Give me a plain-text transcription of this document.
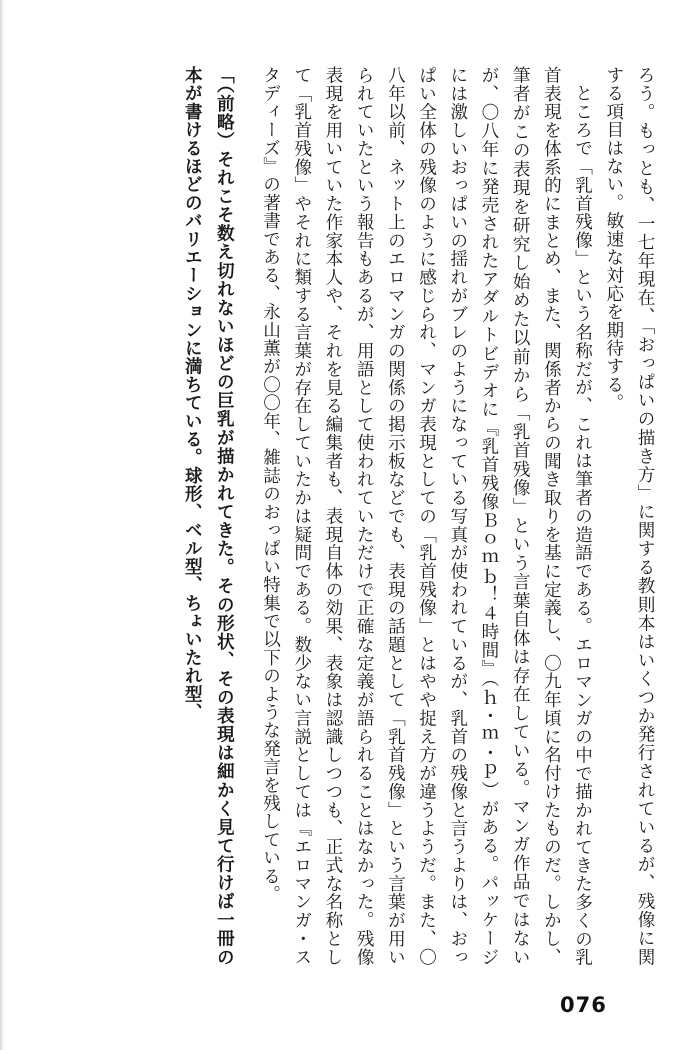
ろう。もっとも、一七年現在、「おっぱいの描き方」に関する教則本はいくつか発行されているが、残像に関する項目はない。敏速な対応を期待する。

ところで「乳首残像」という名称だが、これは筆者の造語である。エロマンガの中で描かれてきた多くの乳首表現を体系的にまとめ、また、関係者からの聞き取りを基に定義し、〇九年頃に名付けたものだ。しかし、筆者がこの表現を研究し始めた以前から「乳首残像」という言葉自体は存在している。マンガ作品ではないが、〇八年に発売されたアダルトビデオに『乳首残像Ｂｏｍｂ！４時間』（ｈ・ｍ・ｐ）がある。パッケージには激しいおっぱいの揺れがブレのようになっている写真が使われているが、乳首の残像と言うよりは、おっぱい全体の残像のように感じられ、マンガ表現としての「乳首残像」とはやや捉え方が違うようだ。また、〇八年以前、ネット上のエロマンガの関係の掲示板などでも、表現の話題として「乳首残像」という言葉が用いられていたという報告もあるが、用語として使われていただけで正確な定義が語られることはなかった。残像表現を用いていた作家本人や、それを見る編集者も、表現自体の効果、表象は認識しつつも、正式な名称として「乳首残像」やそれに類する言葉が存在していたかは疑問である。数少ない言説としては『エロマンガ・スタディーズ』の著書である、永山薫が〇〇年、雑誌のおっぱい特集で以下のような発言を残している。

「（前略）それこそ数え切れないほどの巨乳が描かれてきた。その形状、その表現は細かく見て行けば一冊の本が書けるほどのバリエーションに満ちている。球形、ベル型、ちょいたれ型、

076
